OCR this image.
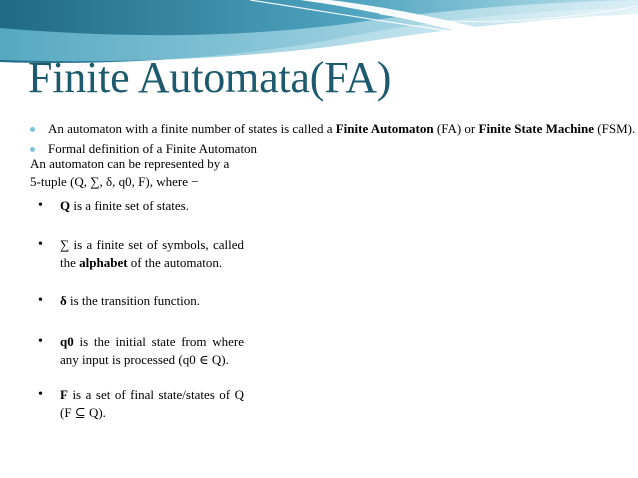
Finite Automata(FA)
An automaton with a finite number of states is called a Finite Automaton (FA) or Finite State Machine (FSM).
Formal definition of a Finite Automaton
An automaton can be represented by a
5-tuple (Q, ∑, δ, q0, F), where −
• Q is a finite set of states.
• ∑ is a finite set of symbols, called the alphabet of the automaton.
• δ is the transition function.
• q0 is the initial state from where any input is processed (q0 ∈ Q).
• F is a set of final state/states of Q (F ⊆ Q).
